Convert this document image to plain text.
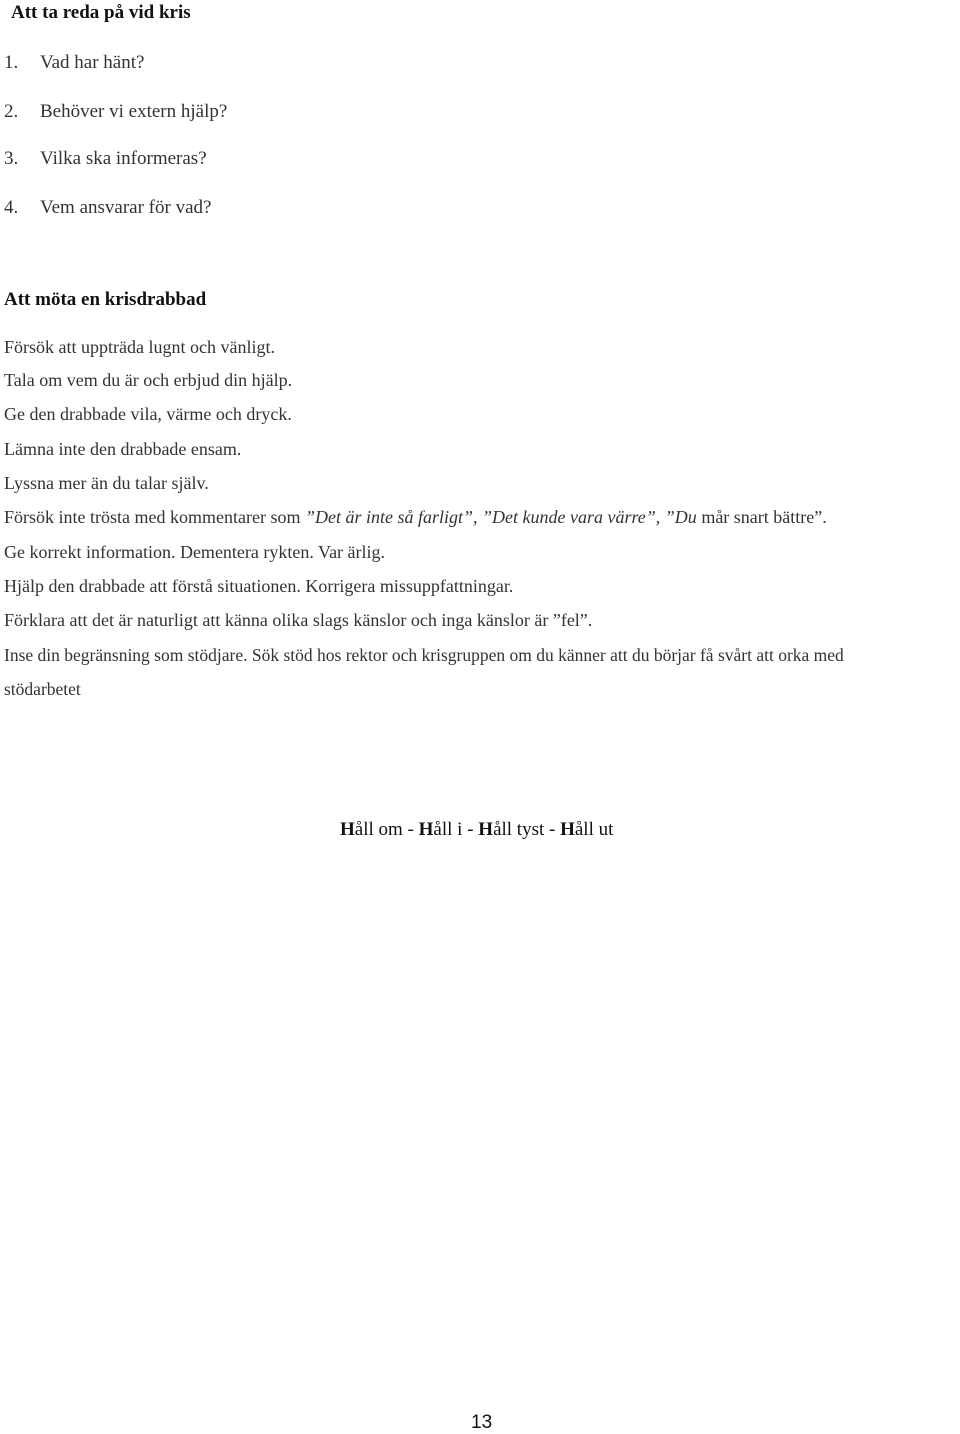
Att ta reda på vid kris
1. Vad har hänt?
2. Behöver vi extern hjälp?
3. Vilka ska informeras?
4. Vem ansvarar för vad?
Att möta en krisdrabbad
Försök att uppträda lugnt och vänligt.
Tala om vem du är och erbjud din hjälp.
Ge den drabbade vila, värme och dryck.
Lämna inte den drabbade ensam.
Lyssna mer än du talar själv.
Försök inte trösta med kommentarer som ”Det är inte så farligt”, ”Det kunde vara värre”, ”Du mår snart bättre”.
Ge korrekt information. Dementera rykten. Var ärlig.
Hjälp den drabbade att förstå situationen. Korrigera missuppfattningar.
Förklara att det är naturligt att känna olika slags känslor och inga känslor är ”fel”.
Inse din begränsning som stödjare. Sök stöd hos rektor och krisgruppen om du känner att du börjar få svårt att orka med
stödarbetet
Håll om - Håll i - Håll tyst - Håll ut
13
